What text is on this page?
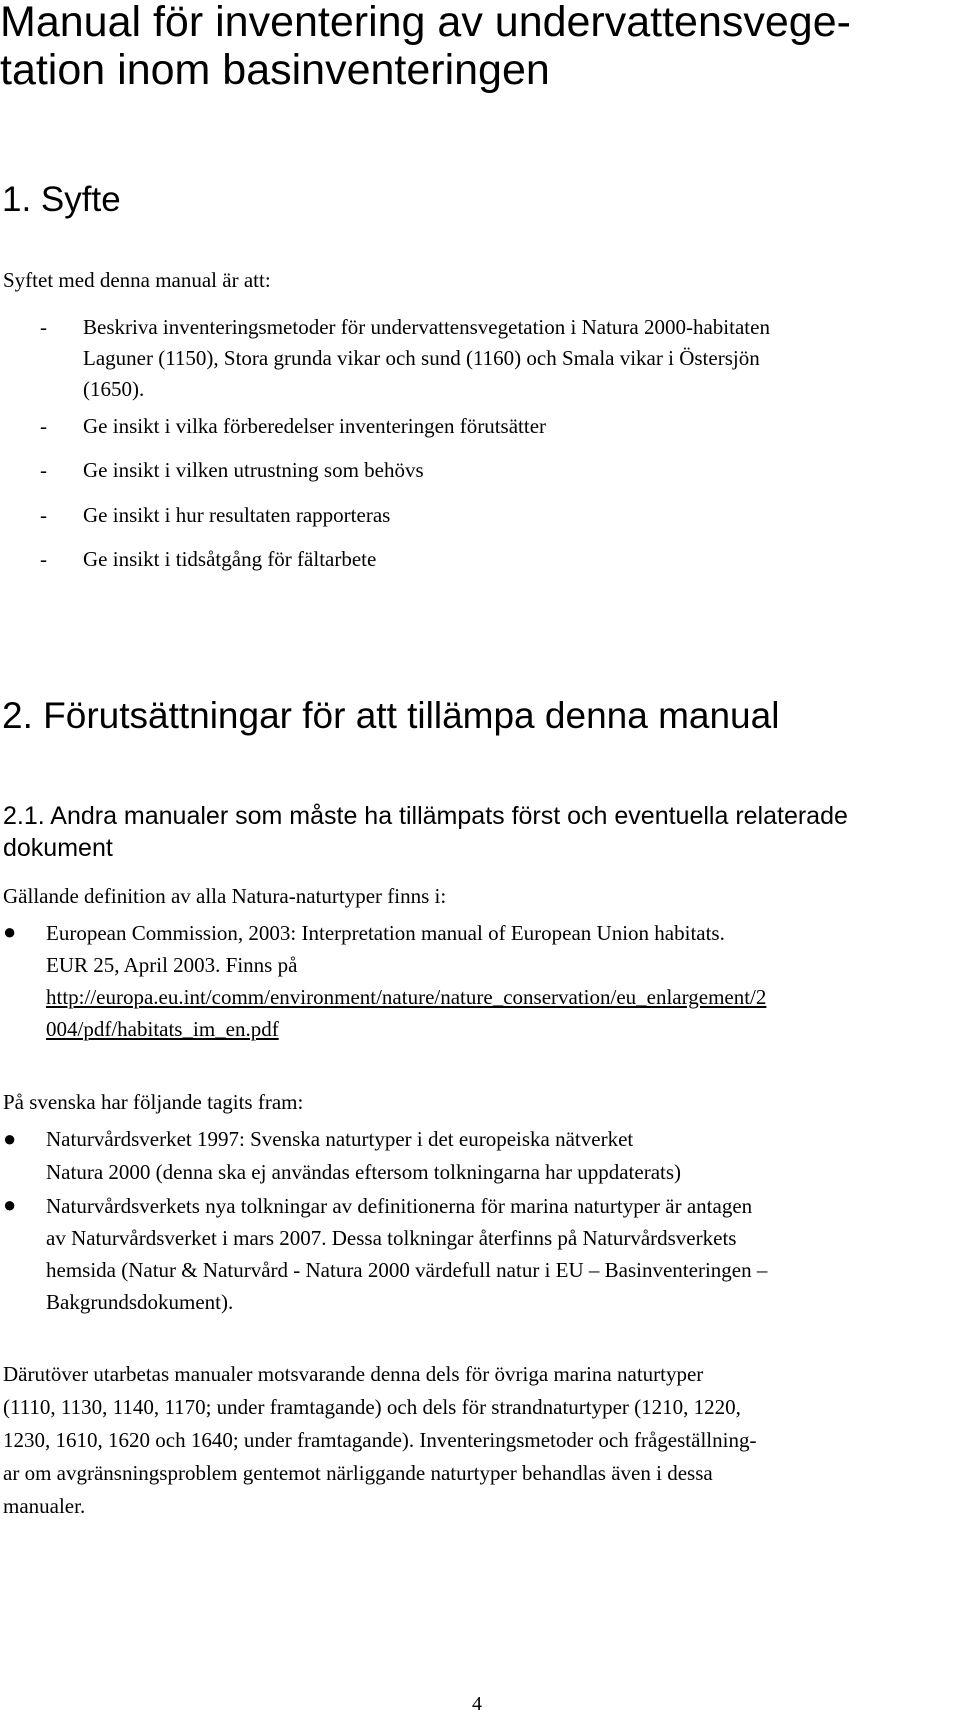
Manual för inventering av undervattensvege-
tation inom basinventeringen
1. Syfte
Syftet med denna manual är att:
- Beskriva inventeringsmetoder för undervattensvegetation i Natura 2000-habitaten
Laguner (1150), Stora grunda vikar och sund (1160) och Smala vikar i Östersjön
(1650).
- Ge insikt i vilka förberedelser inventeringen förutsätter
- Ge insikt i vilken utrustning som behövs
- Ge insikt i hur resultaten rapporteras
- Ge insikt i tidsåtgång för fältarbete
2. Förutsättningar för att tillämpa denna manual
2.1. Andra manualer som måste ha tillämpats först och eventuella relaterade
dokument
Gällande definition av alla Natura-naturtyper finns i:
● European Commission, 2003: Interpretation manual of European Union habitats.
EUR 25, April 2003. Finns på
http://europa.eu.int/comm/environment/nature/nature_conservation/eu_enlargement/2
004/pdf/habitats_im_en.pdf
På svenska har följande tagits fram:
● Naturvårdsverket 1997: Svenska naturtyper i det europeiska nätverket
Natura 2000 (denna ska ej användas eftersom tolkningarna har uppdaterats)
● Naturvårdsverkets nya tolkningar av definitionerna för marina naturtyper är antagen
av Naturvårdsverket i mars 2007. Dessa tolkningar återfinns på Naturvårdsverkets
hemsida (Natur & Naturvård - Natura 2000 värdefull natur i EU – Basinventeringen –
Bakgrundsdokument).
Därutöver utarbetas manualer motsvarande denna dels för övriga marina naturtyper
(1110, 1130, 1140, 1170; under framtagande) och dels för strandnaturtyper (1210, 1220,
1230, 1610, 1620 och 1640; under framtagande). Inventeringsmetoder och frågeställning-
ar om avgränsningsproblem gentemot närliggande naturtyper behandlas även i dessa
manualer.
4
